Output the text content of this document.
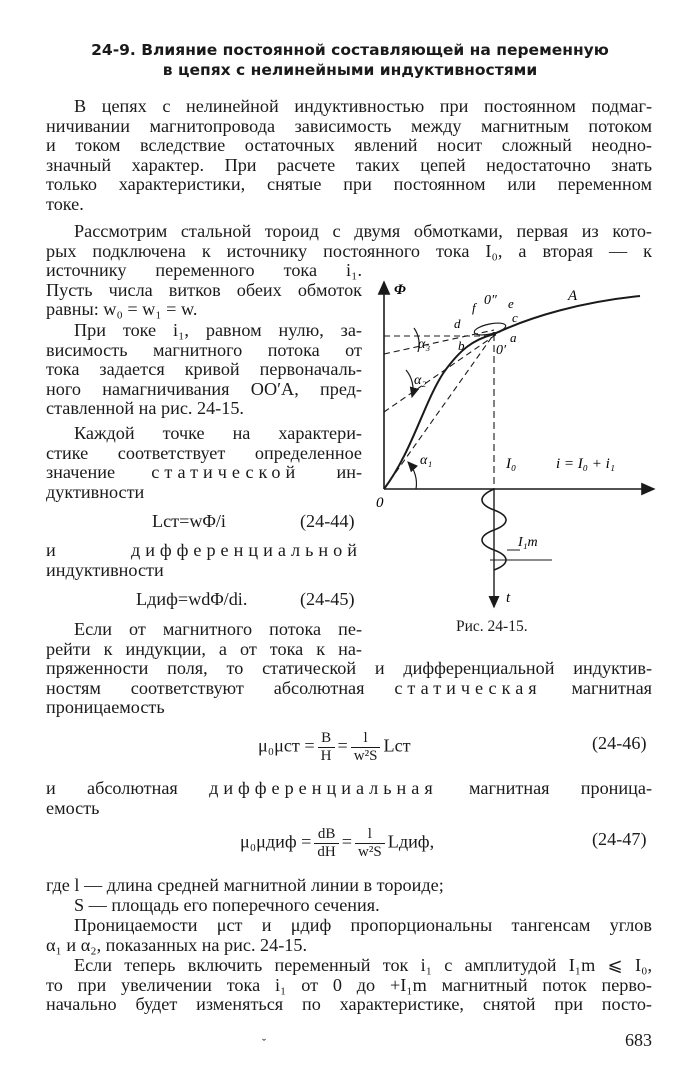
24-9. Влияние постоянной составляющей на переменную
в цепях с нелинейными индуктивностями

В цепях с нелинейной индуктивностью при постоянном подмаг-
ничивании магнитопровода зависимость между магнитным потоком
и током вследствие остаточных явлений носит сложный неодно-
значный характер. При расчете таких цепей недостаточно знать
только характеристики, снятые при постоянном или переменном
токе.

Рассмотрим стальной тороид с двумя обмотками, первая из кото-
рых подключена к источнику постоянного тока I₀, а вторая — к

источнику переменного тока i₁.
Пусть числа витков обеих обмоток
равны: w₀ = w₁ = w.

При токе i₁, равном нулю, за-
висимость магнитного потока от
тока задается кривой первоначаль-
ного намагничивания OO′A, пред-
ставленной на рис. 24-15.

Каждой точке на характери-
стике соответствует определенное
значение статической ин-
дуктивности

Lст=wΦ/i	(24-44)

и	дифференциальной
индуктивности

Lдиф=wdΦ/di.	(24-45)

Если от магнитного потока пе-
рейти к индукции, а от тока к на-

пряженности поля, то статической и дифференциальной индуктив-
ностям соответствуют абсолютная статическая магнитная
проницаемость

$\mu_0\mu ст = \frac{B}{H} = \frac{l}{\text{w²S}}$ Lст	(24-46)

и абсолютная дифференциальная магнитная проница-
емость

$\mu_0\mu диф = \frac{dB}{dH} = \frac{l}{\text{w²S}}$ Lдиф,	(24-47)

где l — длина средней магнитной линии в тороиде;
S — площадь его поперечного сечения.

Проницаемости μст и μдиф пропорциональны тангенсам углов
α₁ и α₂, показанных на рис. 24-15.

Если теперь включить переменный ток i₁ с амплитудой I₁m ⩽ I₀,
то при увеличении тока i₁ от 0 до +I₁m магнитный поток перво-
начально будет изменяться по характеристике, снятой при посто-

Φ	A
0
0′
0″
a
b
c
d
e
f
α₁
α₂
α₃
I₀	i = I₀ + i₁
I₁m
t
Рис. 24-15.
ˇ	683
